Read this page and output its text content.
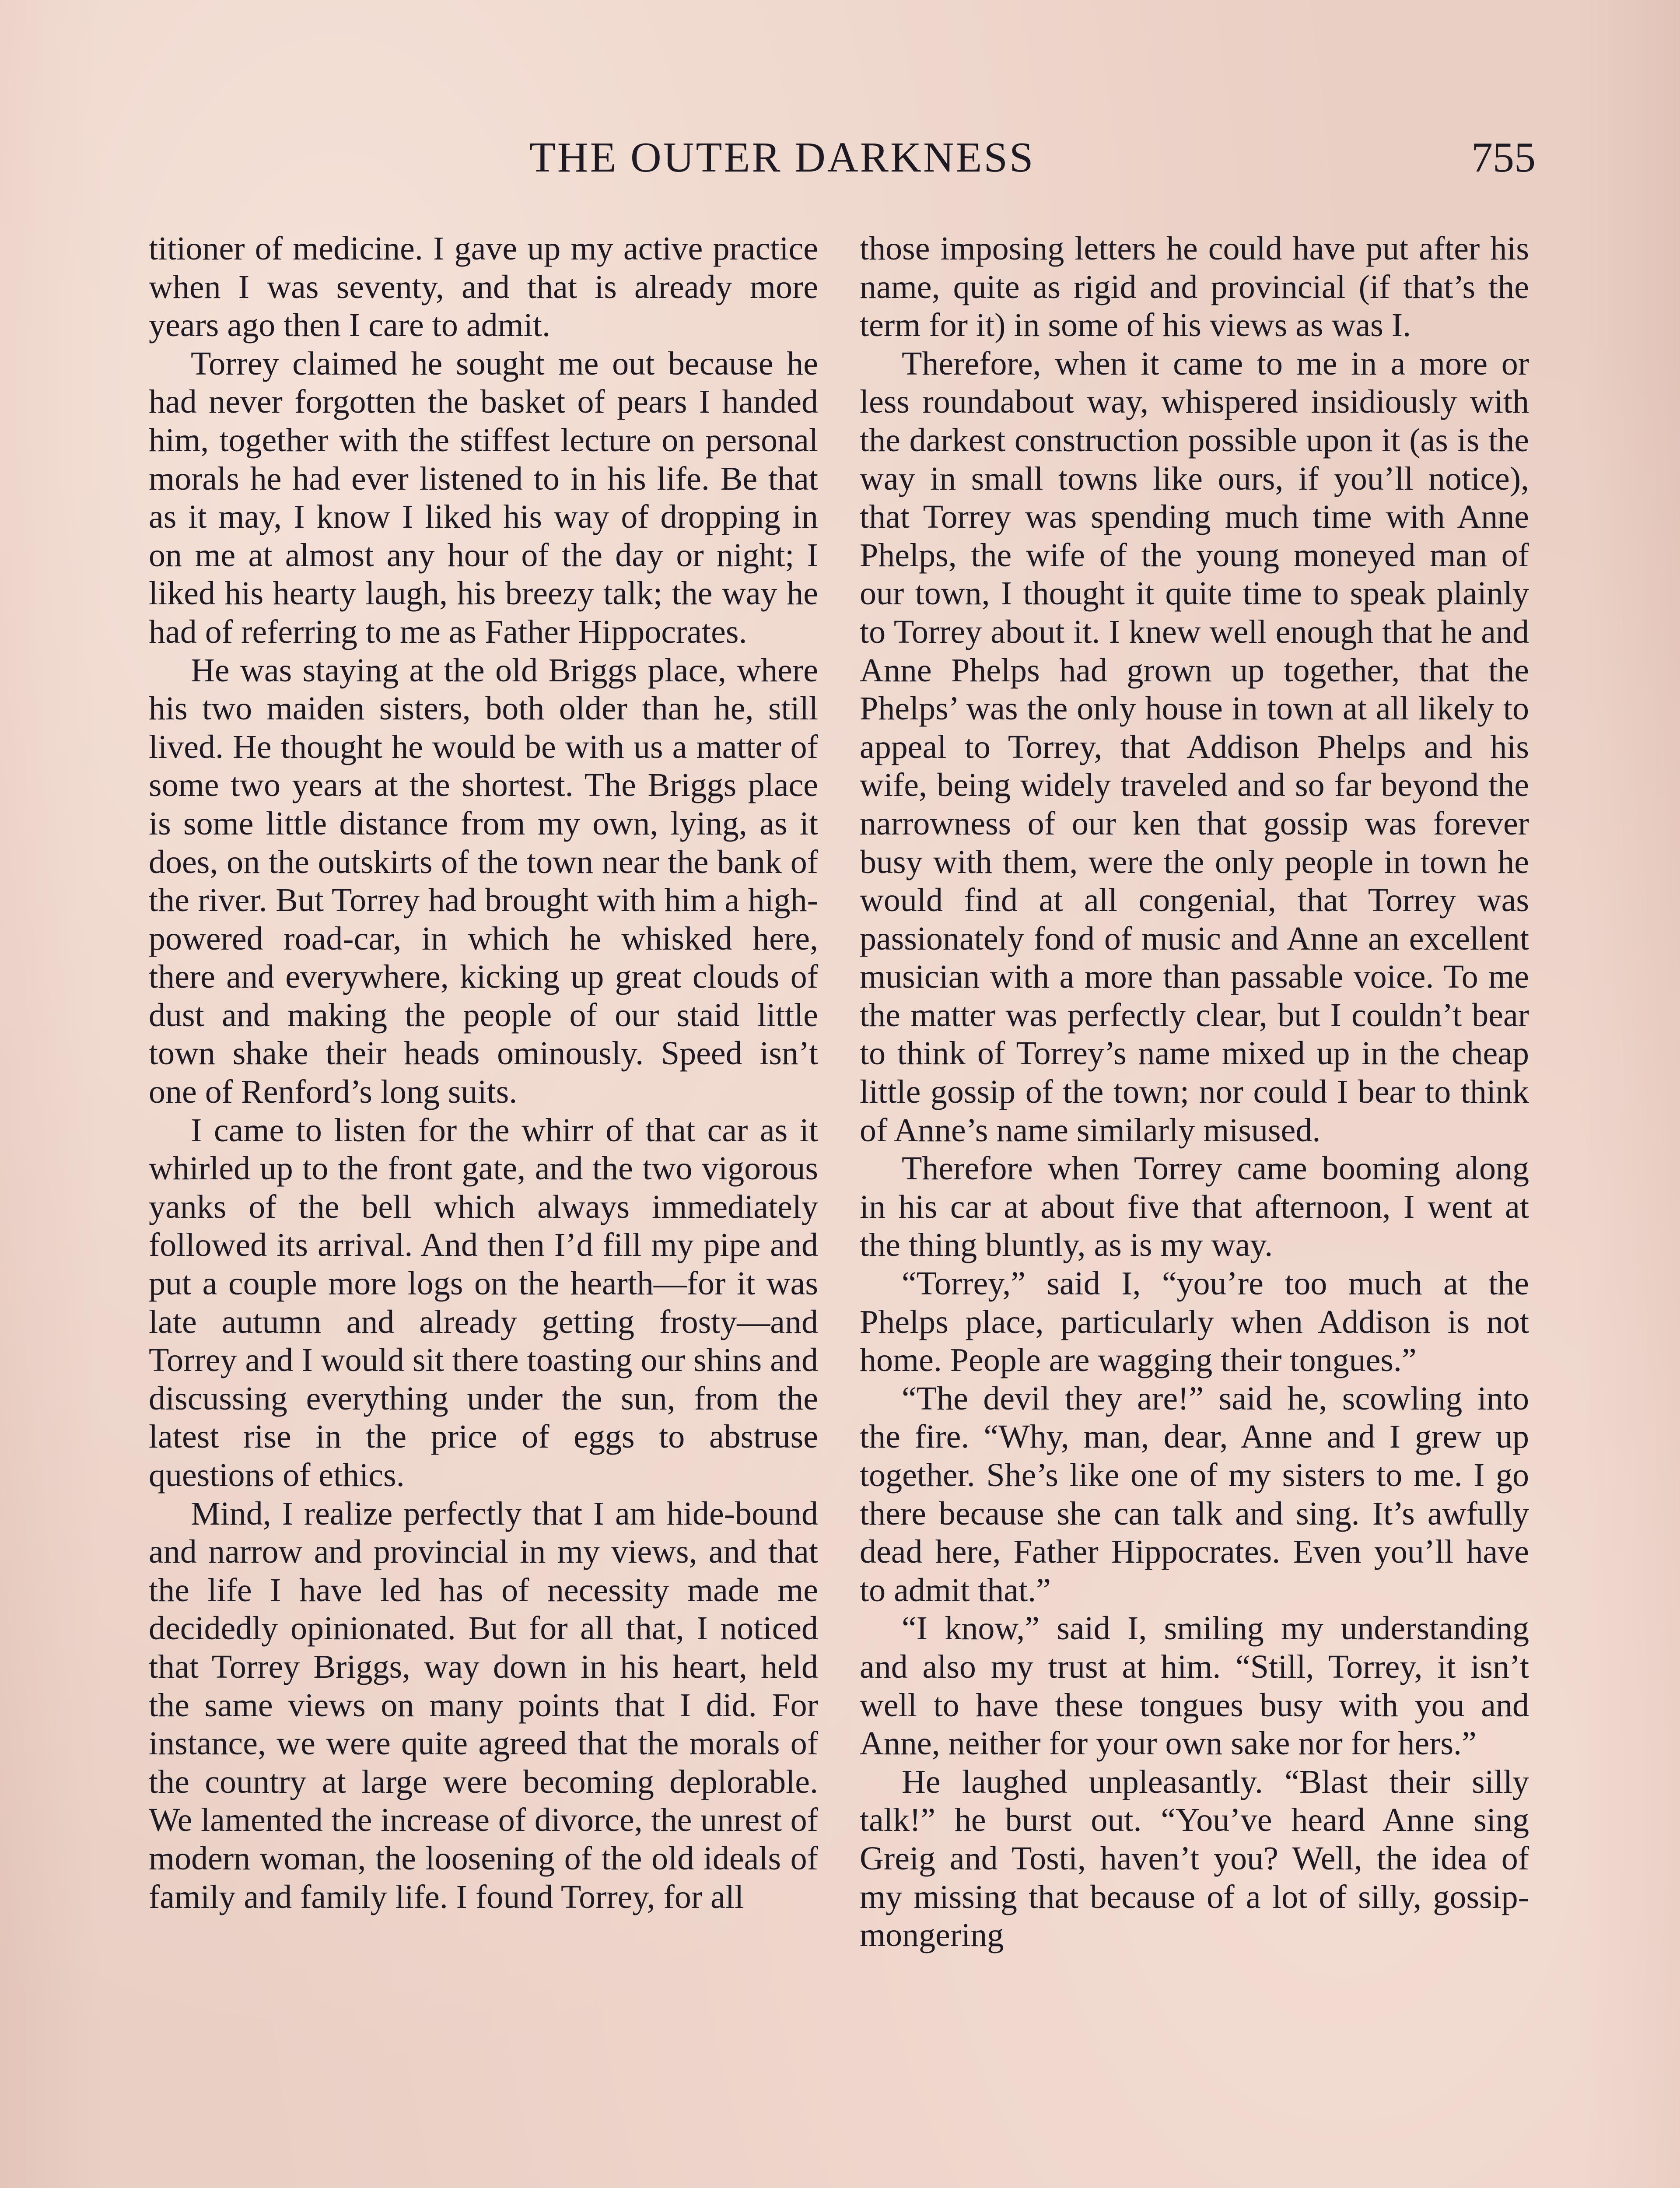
THE OUTER DARKNESS	755

titioner of medicine. I gave up my active practice when I was seventy, and that is already more years ago then I care to admit.

Torrey claimed he sought me out because he had never forgotten the basket of pears I handed him, together with the stiffest lecture on personal morals he had ever listened to in his life. Be that as it may, I know I liked his way of dropping in on me at almost any hour of the day or night; I liked his hearty laugh, his breezy talk; the way he had of referring to me as Father Hippocrates.

He was staying at the old Briggs place, where his two maiden sisters, both older than he, still lived. He thought he would be with us a matter of some two years at the shortest. The Briggs place is some little distance from my own, lying, as it does, on the outskirts of the town near the bank of the river. But Torrey had brought with him a high-powered road-car, in which he whisked here, there and everywhere, kicking up great clouds of dust and making the people of our staid little town shake their heads ominously. Speed isn’t one of Renford’s long suits.

I came to listen for the whirr of that car as it whirled up to the front gate, and the two vigorous yanks of the bell which always immediately followed its arrival. And then I’d fill my pipe and put a couple more logs on the hearth—for it was late autumn and already getting frosty—and Torrey and I would sit there toasting our shins and discussing everything under the sun, from the latest rise in the price of eggs to abstruse questions of ethics.

Mind, I realize perfectly that I am hide-bound and narrow and provincial in my views, and that the life I have led has of necessity made me decidedly opinionated. But for all that, I noticed that Torrey Briggs, way down in his heart, held the same views on many points that I did. For instance, we were quite agreed that the morals of the country at large were becoming deplorable. We lamented the increase of divorce, the unrest of modern woman, the loosening of the old ideals of family and family life. I found Torrey, for all

those imposing letters he could have put after his name, quite as rigid and provincial (if that’s the term for it) in some of his views as was I.

Therefore, when it came to me in a more or less roundabout way, whispered insidiously with the darkest construction possible upon it (as is the way in small towns like ours, if you’ll notice), that Torrey was spending much time with Anne Phelps, the wife of the young moneyed man of our town, I thought it quite time to speak plainly to Torrey about it. I knew well enough that he and Anne Phelps had grown up together, that the Phelps’ was the only house in town at all likely to appeal to Torrey, that Addison Phelps and his wife, being widely traveled and so far beyond the narrowness of our ken that gossip was forever busy with them, were the only people in town he would find at all congenial, that Torrey was passionately fond of music and Anne an excellent musician with a more than passable voice. To me the matter was perfectly clear, but I couldn’t bear to think of Torrey’s name mixed up in the cheap little gossip of the town; nor could I bear to think of Anne’s name similarly misused.

Therefore when Torrey came booming along in his car at about five that afternoon, I went at the thing bluntly, as is my way.

“Torrey,” said I, “you’re too much at the Phelps place, particularly when Addison is not home. People are wagging their tongues.”

“The devil they are!” said he, scowling into the fire. “Why, man, dear, Anne and I grew up together. She’s like one of my sisters to me. I go there because she can talk and sing. It’s awfully dead here, Father Hippocrates. Even you’ll have to admit that.”

“I know,” said I, smiling my understanding and also my trust at him. “Still, Torrey, it isn’t well to have these tongues busy with you and Anne, neither for your own sake nor for hers.”

He laughed unpleasantly. “Blast their silly talk!” he burst out. “You’ve heard Anne sing Greig and Tosti, haven’t you? Well, the idea of my missing that because of a lot of silly, gossip-mongering
